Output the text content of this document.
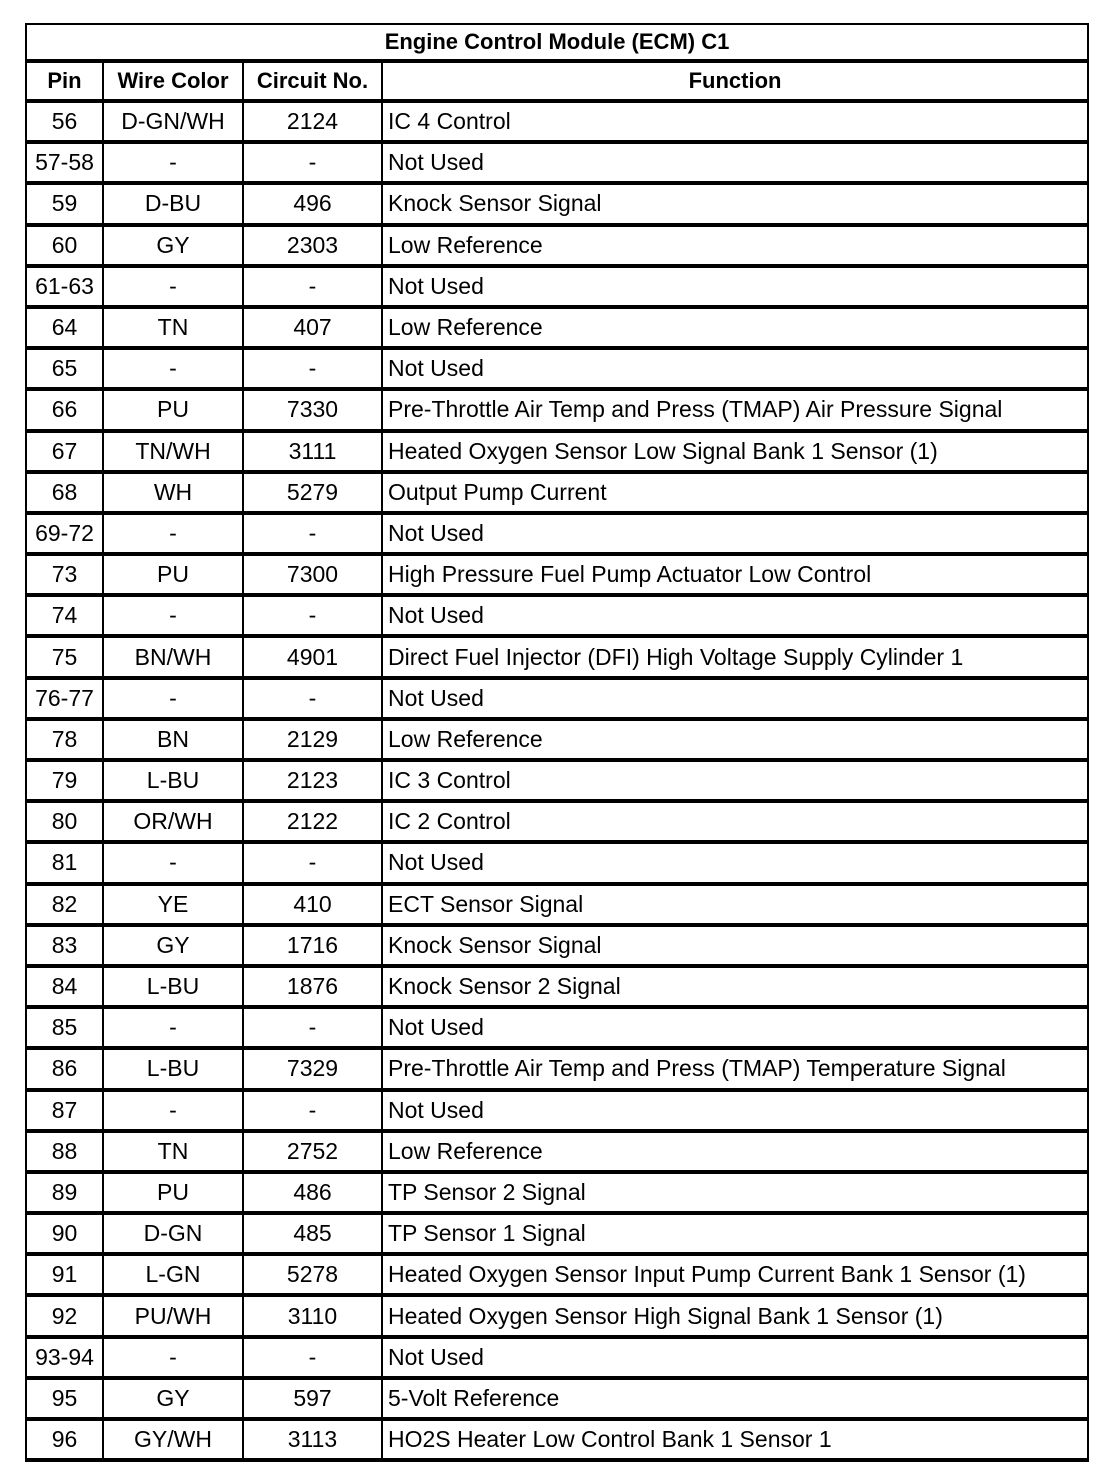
Engine Control Module (ECM) C1			
Pin	Wire Color	Circuit No.	Function
56	D-GN/WH	2124	IC 4 Control
57-58	-	-	Not Used
59	D-BU	496	Knock Sensor Signal
60	GY	2303	Low Reference
61-63	-	-	Not Used
64	TN	407	Low Reference
65	-	-	Not Used
66	PU	7330	Pre-Throttle Air Temp and Press (TMAP) Air Pressure Signal
67	TN/WH	3111	Heated Oxygen Sensor Low Signal Bank 1 Sensor (1)
68	WH	5279	Output Pump Current
69-72	-	-	Not Used
73	PU	7300	High Pressure Fuel Pump Actuator Low Control
74	-	-	Not Used
75	BN/WH	4901	Direct Fuel Injector (DFI) High Voltage Supply Cylinder 1
76-77	-	-	Not Used
78	BN	2129	Low Reference
79	L-BU	2123	IC 3 Control
80	OR/WH	2122	IC 2 Control
81	-	-	Not Used
82	YE	410	ECT Sensor Signal
83	GY	1716	Knock Sensor Signal
84	L-BU	1876	Knock Sensor 2 Signal
85	-	-	Not Used
86	L-BU	7329	Pre-Throttle Air Temp and Press (TMAP) Temperature Signal
87	-	-	Not Used
88	TN	2752	Low Reference
89	PU	486	TP Sensor 2 Signal
90	D-GN	485	TP Sensor 1 Signal
91	L-GN	5278	Heated Oxygen Sensor Input Pump Current Bank 1 Sensor (1)
92	PU/WH	3110	Heated Oxygen Sensor High Signal Bank 1 Sensor (1)
93-94	-	-	Not Used
95	GY	597	5-Volt Reference
96	GY/WH	3113	HO2S Heater Low Control Bank 1 Sensor 1
